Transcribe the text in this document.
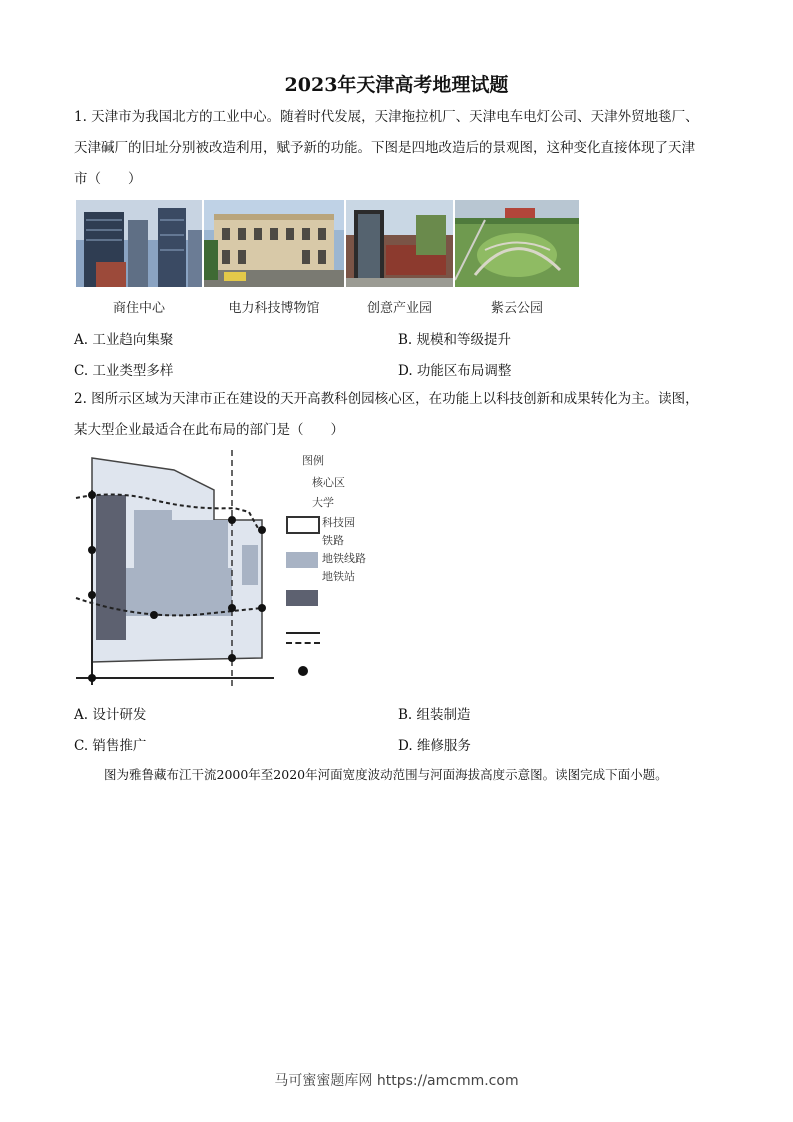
2023年天津高考地理试题
1. 天津市为我国北方的工业中心。随着时代发展，天津拖拉机厂、天津电车电灯公司、天津外贸地毯厂、
天津碱厂的旧址分别被改造利用，赋予新的功能。下图是四地改造后的景观图，这种变化直接体现了天津
市（　　）
商住中心	电力科技博物馆	创意产业园	紫云公园
A. 工业趋向集聚	B. 规模和等级提升
C. 工业类型多样	D. 功能区布局调整
2. 图所示区域为天津市正在建设的天开高教科创园核心区，在功能上以科技创新和成果转化为主。读图，
某大型企业最适合在此布局的部门是（　　）
图例
核心区
大学
科技园
铁路
地铁线路
地铁站
A. 设计研发	B. 组装制造
C. 销售推广	D. 维修服务
图为雅鲁藏布江干流2000年至2020年河面宽度波动范围与河面海拔高度示意图。读图完成下面小题。
马可蜜蜜题库网 https://amcmm.com
